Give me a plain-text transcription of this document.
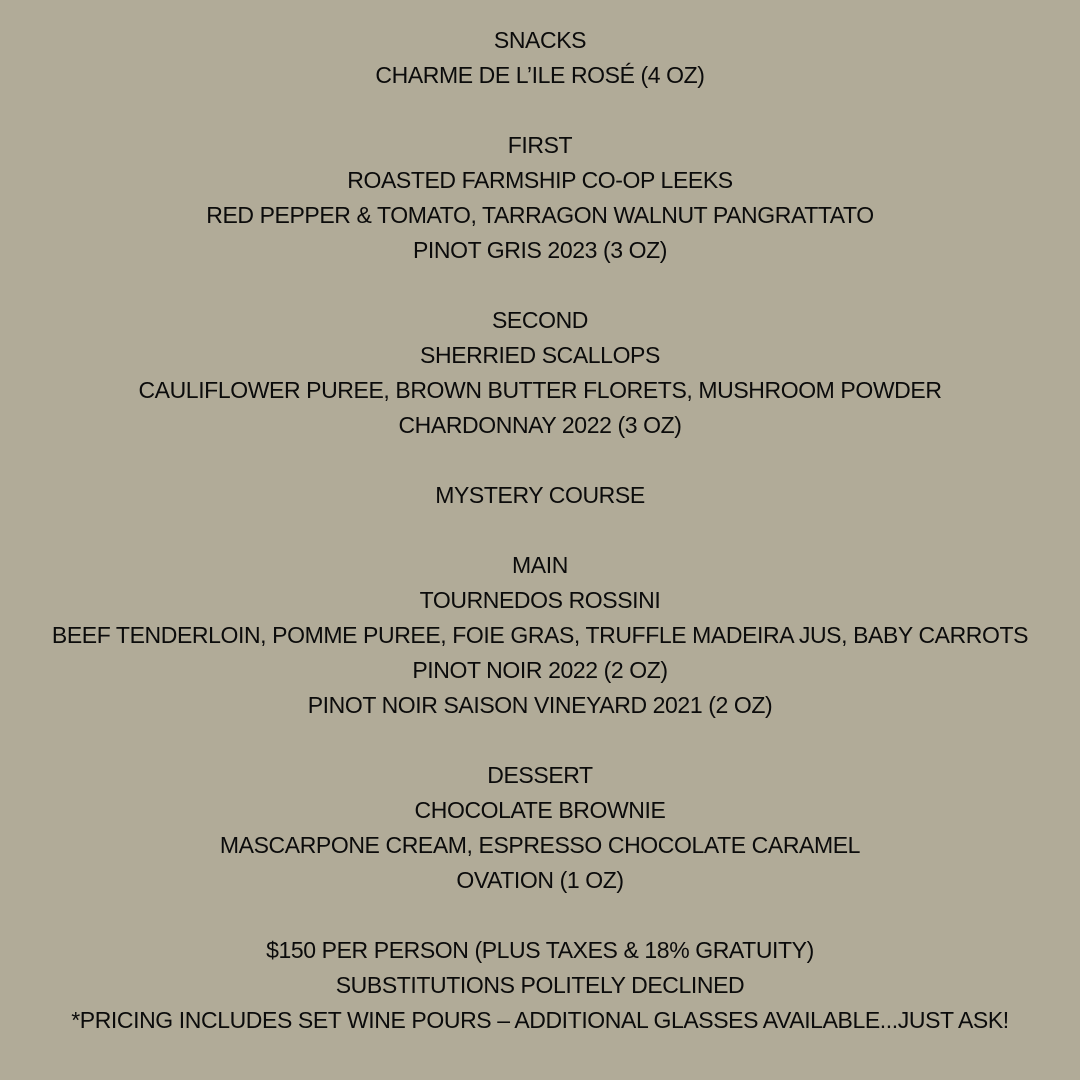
SNACKS
CHARME DE L’ILE ROSÉ (4 OZ)
FIRST
ROASTED FARMSHIP CO-OP LEEKS
RED PEPPER & TOMATO, TARRAGON WALNUT PANGRATTATO
PINOT GRIS 2023 (3 OZ)
SECOND
SHERRIED SCALLOPS
CAULIFLOWER PUREE, BROWN BUTTER FLORETS, MUSHROOM POWDER
CHARDONNAY 2022 (3 OZ)
MYSTERY COURSE
MAIN
TOURNEDOS ROSSINI
BEEF TENDERLOIN, POMME PUREE, FOIE GRAS, TRUFFLE MADEIRA JUS, BABY CARROTS
PINOT NOIR 2022 (2 OZ)
PINOT NOIR SAISON VINEYARD 2021 (2 OZ)
DESSERT
CHOCOLATE BROWNIE
MASCARPONE CREAM, ESPRESSO CHOCOLATE CARAMEL
OVATION (1 OZ)
$150 PER PERSON (PLUS TAXES & 18% GRATUITY)
SUBSTITUTIONS POLITELY DECLINED
*PRICING INCLUDES SET WINE POURS – ADDITIONAL GLASSES AVAILABLE...JUST ASK!
